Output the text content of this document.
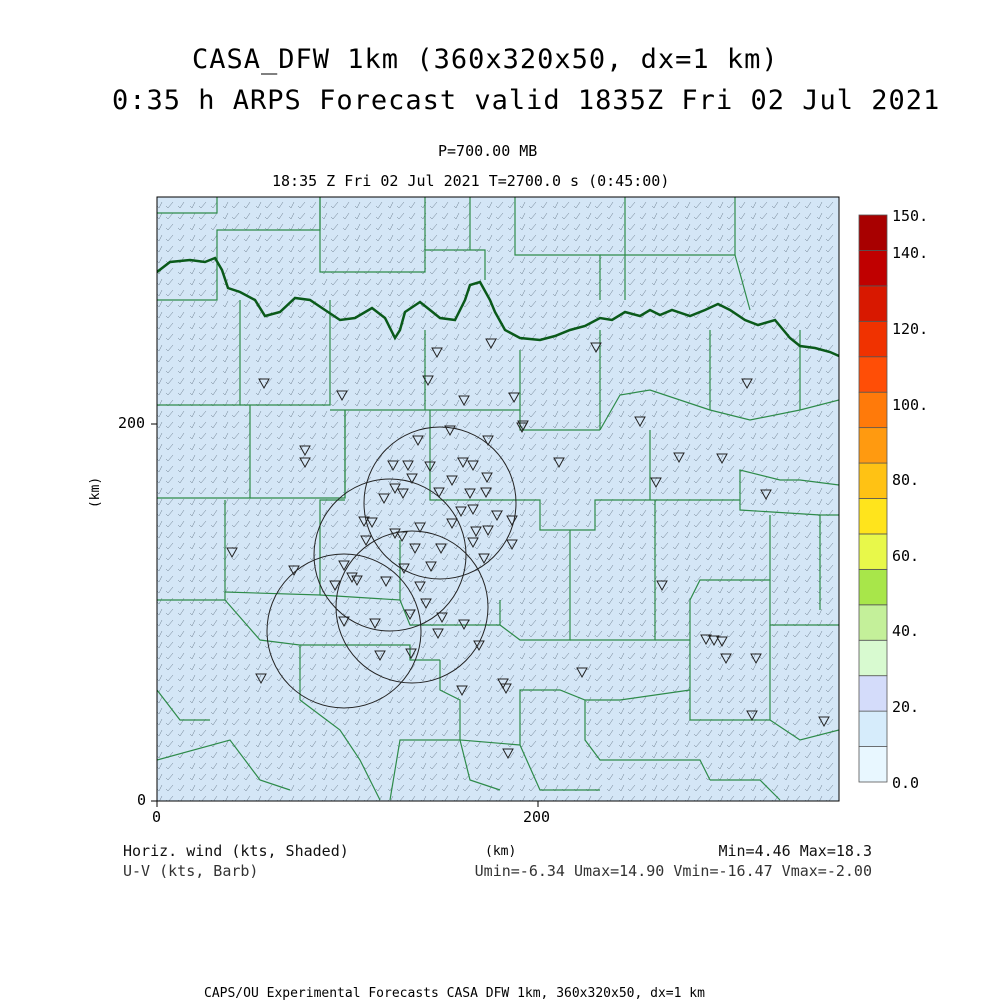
CASA_DFW 1km (360x320x50, dx=1 km)
0:35 h ARPS Forecast valid 1835Z Fri 02 Jul 2021
P=700.00 MB
18:35 Z Fri 02 Jul 2021 T=2700.0 s (0:45:00)
(km)
200
0
0	200
(km)
150.
140.
120.
100.
80.
60.
40.
20.
0.0
Horiz. wind (kts, Shaded)
U-V (kts, Barb)
Min=4.46 Max=18.3
Umin=-6.34 Umax=14.90 Vmin=-16.47 Vmax=-2.00
CAPS/OU Experimental Forecasts CASA DFW 1km, 360x320x50, dx=1 km
